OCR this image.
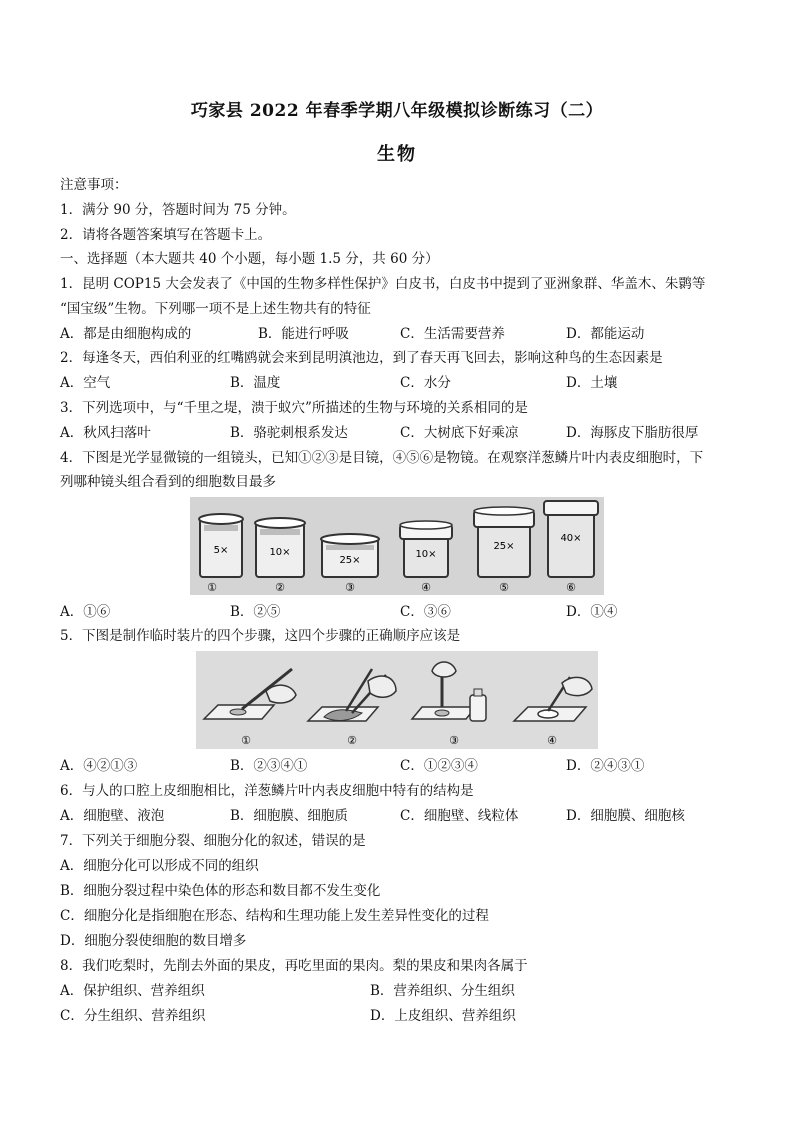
巧家县 2022 年春季学期八年级模拟诊断练习（二）
生物
注意事项：
1．满分 90 分，答题时间为 75 分钟。
2．请将各题答案填写在答题卡上。
一、选择题（本大题共 40 个小题，每小题 1.5 分，共 60 分）
1．昆明 COP15 大会发表了《中国的生物多样性保护》白皮书，白皮书中提到了亚洲象群、华盖木、朱鹮等
“国宝级”生物。下列哪一项不是上述生物共有的特征
A．都是由细胞构成的	B．能进行呼吸	C．生活需要营养	D．都能运动
2．每逢冬天，西伯利亚的红嘴鸥就会来到昆明滇池边，到了春天再飞回去，影响这种鸟的生态因素是
A．空气	B．温度	C．水分	D．土壤
3．下列选项中，与“千里之堤，溃于蚁穴”所描述的生物与环境的关系相同的是
A．秋风扫落叶	B．骆驼刺根系发达	C．大树底下好乘凉	D．海豚皮下脂肪很厚
4．下图是光学显微镜的一组镜头，已知①②③是目镜，④⑤⑥是物镜。在观察洋葱鳞片叶内表皮细胞时，下
列哪种镜头组合看到的细胞数目最多
5×	10×
25×
10×
25×
40×
①	②	③	④	⑤	⑥
A．①⑥	B．②⑤	C．③⑥	D．①④
5．下图是制作临时装片的四个步骤，这四个步骤的正确顺序应该是
①	②	③	④
A．④②①③	B．②③④①	C．①②③④	D．②④③①
6．与人的口腔上皮细胞相比，洋葱鳞片叶内表皮细胞中特有的结构是
A．细胞壁、液泡	B．细胞膜、细胞质	C．细胞壁、线粒体	D．细胞膜、细胞核
7．下列关于细胞分裂、细胞分化的叙述，错误的是
A．细胞分化可以形成不同的组织
B．细胞分裂过程中染色体的形态和数目都不发生变化
C．细胞分化是指细胞在形态、结构和生理功能上发生差异性变化的过程
D．细胞分裂使细胞的数目增多
8．我们吃梨时，先削去外面的果皮，再吃里面的果肉。梨的果皮和果肉各属于
A．保护组织、营养组织	B．营养组织、分生组织
C．分生组织、营养组织	D．上皮组织、营养组织
